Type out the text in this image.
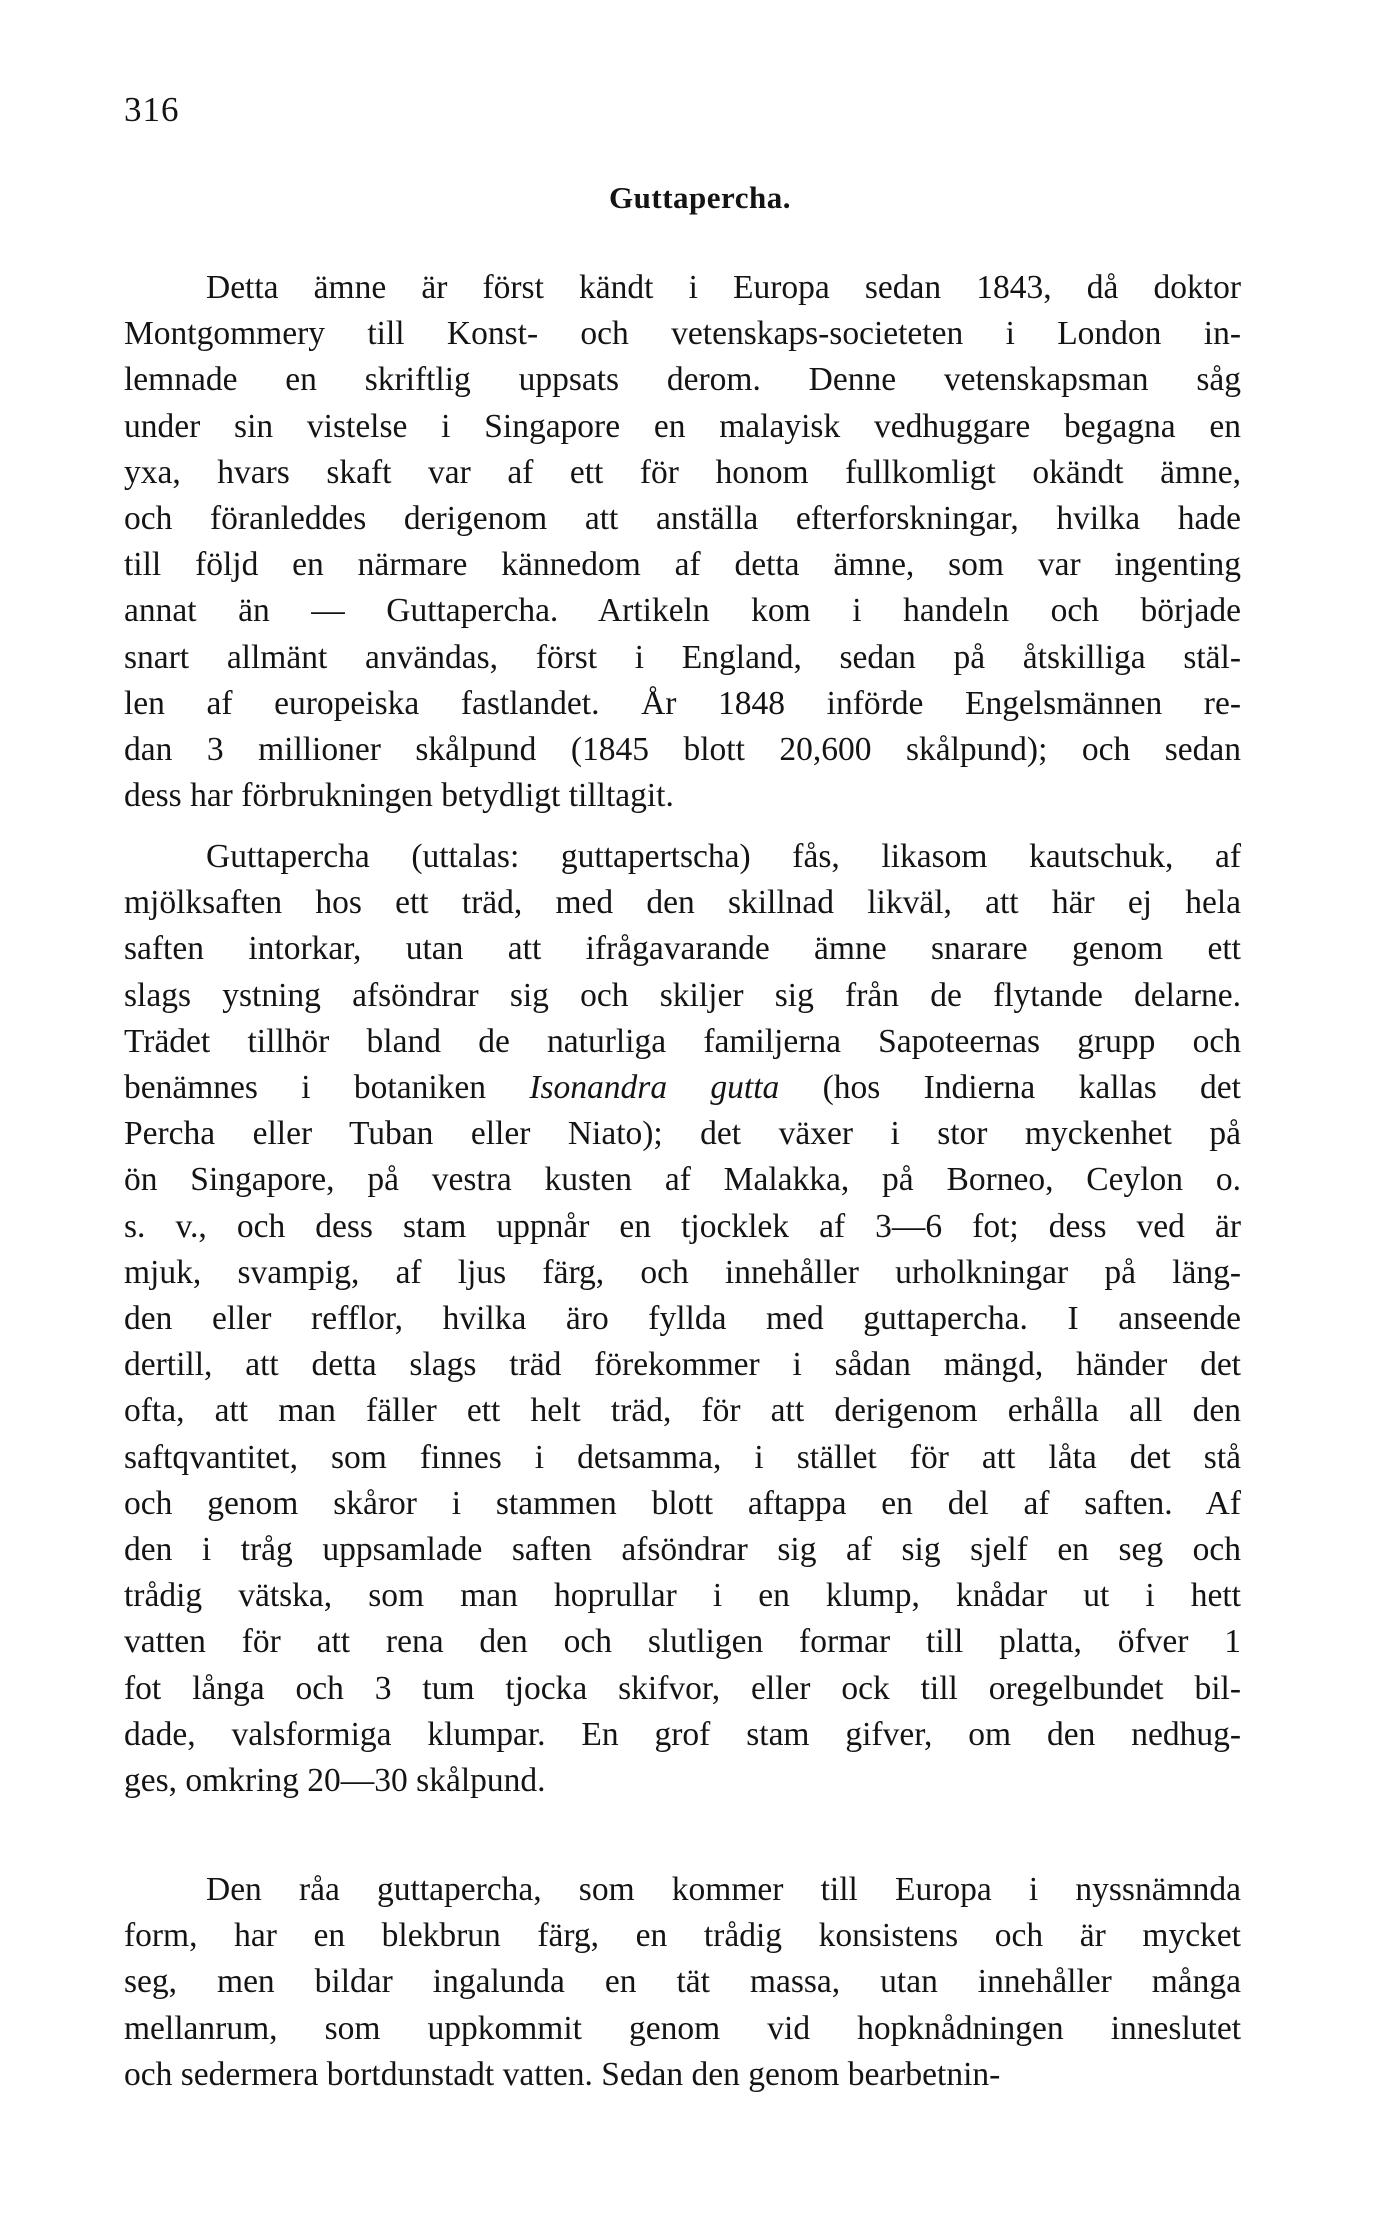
316
Guttapercha.
Detta ämne är först kändt i Europa sedan 1843, då doktor
Montgommery till Konst- och vetenskaps-societeten i London in-
lemnade en skriftlig uppsats derom. Denne vetenskapsman såg
under sin vistelse i Singapore en malayisk vedhuggare begagna en
yxa, hvars skaft var af ett för honom fullkomligt okändt ämne,
och föranleddes derigenom att anställa efterforskningar, hvilka hade
till följd en närmare kännedom af detta ämne, som var ingenting
annat än — Guttapercha. Artikeln kom i handeln och började
snart allmänt användas, först i England, sedan på åtskilliga stäl-
len af europeiska fastlandet. År 1848 införde Engelsmännen re-
dan 3 millioner skålpund (1845 blott 20,600 skålpund); och sedan
dess har förbrukningen betydligt tilltagit.
Guttapercha (uttalas: guttapertscha) fås, likasom kautschuk, af
mjölksaften hos ett träd, med den skillnad likväl, att här ej hela
saften intorkar, utan att ifrågavarande ämne snarare genom ett
slags ystning afsöndrar sig och skiljer sig från de flytande delarne.
Trädet tillhör bland de naturliga familjerna Sapoteernas grupp och
benämnes i botaniken Isonandra gutta (hos Indierna kallas det
Percha eller Tuban eller Niato); det växer i stor myckenhet på
ön Singapore, på vestra kusten af Malakka, på Borneo, Ceylon o.
s. v., och dess stam uppnår en tjocklek af 3—6 fot; dess ved är
mjuk, svampig, af ljus färg, och innehåller urholkningar på läng-
den eller refflor, hvilka äro fyllda med guttapercha. I anseende
dertill, att detta slags träd förekommer i sådan mängd, händer det
ofta, att man fäller ett helt träd, för att derigenom erhålla all den
saftqvantitet, som finnes i detsamma, i stället för att låta det stå
och genom skåror i stammen blott aftappa en del af saften. Af
den i tråg uppsamlade saften afsöndrar sig af sig sjelf en seg och
trådig vätska, som man hoprullar i en klump, knådar ut i hett
vatten för att rena den och slutligen formar till platta, öfver 1
fot långa och 3 tum tjocka skifvor, eller ock till oregelbundet bil-
dade, valsformiga klumpar. En grof stam gifver, om den nedhug-
ges, omkring 20—30 skålpund.
Den råa guttapercha, som kommer till Europa i nyssnämnda
form, har en blekbrun färg, en trådig konsistens och är mycket
seg, men bildar ingalunda en tät massa, utan innehåller många
mellanrum, som uppkommit genom vid hopknådningen inneslutet
och sedermera bortdunstadt vatten. Sedan den genom bearbetnin-
